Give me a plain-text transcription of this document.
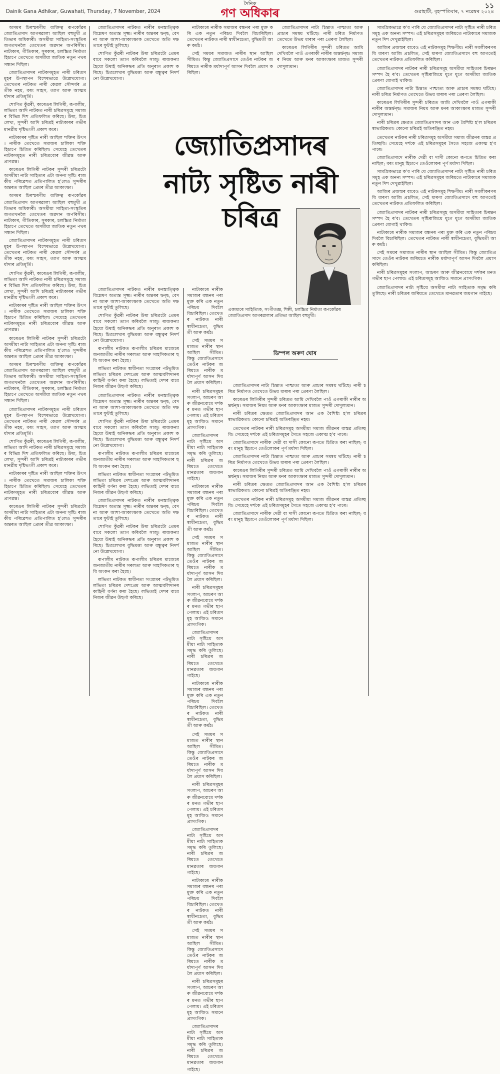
Dainik Gana Adhikar, Guwahati, Thursday, 7 November, 2024
দৈনিক
গণ অধিকাৰ	গুৱাহাটী, বৃহস্পতিবাৰ, ৭ নৱেম্বৰ ২০২৪
১১

অসমৰ চিৰস্মৰণীয় ব্যক্তিত্ব ৰূপকোঁৱৰ জ্যোতিপ্ৰসাদ আগৰৱালা আছিল বহুমুখী প্ৰতিভাৰ অধিকাৰী। অসমীয়া সাহিত্য-সংস্কৃতিৰ জগতখনলৈ তেখেতৰ অৱদান অপৰিসীম। নাট্যকাৰ, গীতিকাৰ, সুৰকাৰ, চলচ্চিত্ৰ নিৰ্মাতা হিচাপে তেখেতে অসমীয়া জাতিক নতুন পথৰ সন্ধান দিছিল।

জ্যোতিপ্ৰসাদৰ নাটকসমূহত নাৰী চৰিত্ৰসমূহৰ উপস্থাপন বিশেষভাৱে উল্লেখযোগ্য। তেখেতৰ নাটকত নাৰী কেৱল সৌন্দৰ্যৰ প্ৰতীক নহয়, বৰং সাহস, ত্যাগ আৰু আত্মমৰ্যাদাৰ প্ৰতিমূৰ্তি।

শোণিত কুঁৱৰী, কাৰেঙৰ লিগিৰী, ৰূপালীম, লভিতা আদি নাটকত নাৰী চৰিত্ৰসমূহে সমাজৰ বিভিন্ন দিশ প্ৰতিফলিত কৰিছে। উষা, চিত্ৰলেখা, সুন্দৰী আদি চৰিত্ৰই নাট্যকাৰৰ গভীৰ মানৱীয় দৃষ্টিভংগী প্ৰকাশ কৰে।

নাট্যকাৰৰ দৃষ্টিত নাৰী আছিল শক্তিৰ উৎস। নাৰীক তেখেতে সমাজৰ চালিকা শক্তি হিচাপে চিত্ৰিত কৰিছিল। সেয়েহে তেখেতৰ নাটকসমূহত নাৰী চৰিত্ৰবোৰ জীৱন্ত আৰু প্ৰাণৱন্ত।

কাৰেঙৰ লিগিৰী নাটকৰ সুন্দৰী চৰিত্ৰটো অসমীয়া নাট্য সাহিত্যৰ এটা অনন্য সৃষ্টি। ৰাজকীয় পৰিৱেশত প্ৰতিপালিত হ'লেও সুন্দৰীৰ অন্তৰত আছিল প্ৰেমৰ তীব্ৰ আকাংক্ষা।

অসমৰ চিৰস্মৰণীয় ব্যক্তিত্ব ৰূপকোঁৱৰ জ্যোতিপ্ৰসাদ আগৰৱালা আছিল বহুমুখী প্ৰতিভাৰ অধিকাৰী। অসমীয়া সাহিত্য-সংস্কৃতিৰ জগতখনলৈ তেখেতৰ অৱদান অপৰিসীম। নাট্যকাৰ, গীতিকাৰ, সুৰকাৰ, চলচ্চিত্ৰ নিৰ্মাতা হিচাপে তেখেতে অসমীয়া জাতিক নতুন পথৰ সন্ধান দিছিল।

জ্যোতিপ্ৰসাদৰ নাটকসমূহত নাৰী চৰিত্ৰসমূহৰ উপস্থাপন বিশেষভাৱে উল্লেখযোগ্য। তেখেতৰ নাটকত নাৰী কেৱল সৌন্দৰ্যৰ প্ৰতীক নহয়, বৰং সাহস, ত্যাগ আৰু আত্মমৰ্যাদাৰ প্ৰতিমূৰ্তি।

শোণিত কুঁৱৰী, কাৰেঙৰ লিগিৰী, ৰূপালীম, লভিতা আদি নাটকত নাৰী চৰিত্ৰসমূহে সমাজৰ বিভিন্ন দিশ প্ৰতিফলিত কৰিছে। উষা, চিত্ৰলেখা, সুন্দৰী আদি চৰিত্ৰই নাট্যকাৰৰ গভীৰ মানৱীয় দৃষ্টিভংগী প্ৰকাশ কৰে।

নাট্যকাৰৰ দৃষ্টিত নাৰী আছিল শক্তিৰ উৎস। নাৰীক তেখেতে সমাজৰ চালিকা শক্তি হিচাপে চিত্ৰিত কৰিছিল। সেয়েহে তেখেতৰ নাটকসমূহত নাৰী চৰিত্ৰবোৰ জীৱন্ত আৰু প্ৰাণৱন্ত।

কাৰেঙৰ লিগিৰী নাটকৰ সুন্দৰী চৰিত্ৰটো অসমীয়া নাট্য সাহিত্যৰ এটা অনন্য সৃষ্টি। ৰাজকীয় পৰিৱেশত প্ৰতিপালিত হ'লেও সুন্দৰীৰ অন্তৰত আছিল প্ৰেমৰ তীব্ৰ আকাংক্ষা।

অসমৰ চিৰস্মৰণীয় ব্যক্তিত্ব ৰূপকোঁৱৰ জ্যোতিপ্ৰসাদ আগৰৱালা আছিল বহুমুখী প্ৰতিভাৰ অধিকাৰী। অসমীয়া সাহিত্য-সংস্কৃতিৰ জগতখনলৈ তেখেতৰ অৱদান অপৰিসীম। নাট্যকাৰ, গীতিকাৰ, সুৰকাৰ, চলচ্চিত্ৰ নিৰ্মাতা হিচাপে তেখেতে অসমীয়া জাতিক নতুন পথৰ সন্ধান দিছিল।

জ্যোতিপ্ৰসাদৰ নাটকসমূহত নাৰী চৰিত্ৰসমূহৰ উপস্থাপন বিশেষভাৱে উল্লেখযোগ্য। তেখেতৰ নাটকত নাৰী কেৱল সৌন্দৰ্যৰ প্ৰতীক নহয়, বৰং সাহস, ত্যাগ আৰু আত্মমৰ্যাদাৰ প্ৰতিমূৰ্তি।

শোণিত কুঁৱৰী, কাৰেঙৰ লিগিৰী, ৰূপালীম, লভিতা আদি নাটকত নাৰী চৰিত্ৰসমূহে সমাজৰ বিভিন্ন দিশ প্ৰতিফলিত কৰিছে। উষা, চিত্ৰলেখা, সুন্দৰী আদি চৰিত্ৰই নাট্যকাৰৰ গভীৰ মানৱীয় দৃষ্টিভংগী প্ৰকাশ কৰে।

নাট্যকাৰৰ দৃষ্টিত নাৰী আছিল শক্তিৰ উৎস। নাৰীক তেখেতে সমাজৰ চালিকা শক্তি হিচাপে চিত্ৰিত কৰিছিল। সেয়েহে তেখেতৰ নাটকসমূহত নাৰী চৰিত্ৰবোৰ জীৱন্ত আৰু প্ৰাণৱন্ত।

কাৰেঙৰ লিগিৰী নাটকৰ সুন্দৰী চৰিত্ৰটো অসমীয়া নাট্য সাহিত্যৰ এটা অনন্য সৃষ্টি। ৰাজকীয় পৰিৱেশত প্ৰতিপালিত হ'লেও সুন্দৰীৰ অন্তৰত আছিল প্ৰেমৰ তীব্ৰ আকাংক্ষা।

জ্যোতিপ্ৰসাদৰ নাটকত নাৰীৰ মনস্তাত্ত্বিক বিশ্লেষণ অত্যন্ত সূক্ষ্ম। নাৰীৰ অন্তৰৰ দ্বন্দ্ব, বেদনা আৰু আশা-আকাংক্ষাক তেখেতে অতি দক্ষতাৰে ফুটাই তুলিছে।

শোণিত কুঁৱৰী নাটকৰ উষা চৰিত্ৰটো প্ৰেমৰ বাবে সকলো ত্যাগ কৰিবলৈ সাজু। ৰাজকন্যা হৈয়ো উষাই অনিৰুদ্ধৰ প্ৰতি অনুৰাগ প্ৰকাশ কৰিছে। চিত্ৰলেখাৰ বুদ্ধিমত্তা আৰু বন্ধুত্বৰ নিদৰ্শনো উল্লেখযোগ্য।

জ্যোতিপ্ৰসাদৰ নাটকত নাৰীৰ মনস্তাত্ত্বিক বিশ্লেষণ অত্যন্ত সূক্ষ্ম। নাৰীৰ অন্তৰৰ দ্বন্দ্ব, বেদনা আৰু আশা-আকাংক্ষাক তেখেতে অতি দক্ষতাৰে ফুটাই তুলিছে।

শোণিত কুঁৱৰী নাটকৰ উষা চৰিত্ৰটো প্ৰেমৰ বাবে সকলো ত্যাগ কৰিবলৈ সাজু। ৰাজকন্যা হৈয়ো উষাই অনিৰুদ্ধৰ প্ৰতি অনুৰাগ প্ৰকাশ কৰিছে। চিত্ৰলেখাৰ বুদ্ধিমত্তা আৰু বন্ধুত্বৰ নিদৰ্শনো উল্লেখযোগ্য।

ৰূপালীম নাটকত ৰূপালীম চৰিত্ৰৰ মাজেৰে জনজাতীয় নাৰীৰ সৰলতা আৰু সাহসিকতাৰ ছবি অংকন কৰা হৈছে।

লভিতা নাটকত স্বাধীনতা সংগ্ৰামৰ পটভূমিত লভিতা চৰিত্ৰৰ দেশপ্ৰেম আৰু আত্মবলিদানৰ কাহিনী বৰ্ণনা কৰা হৈছে। লভিতাই দেশৰ বাবে নিজৰ জীৱন উছৰ্গা কৰিছে।

জ্যোতিপ্ৰসাদৰ নাটকত নাৰীৰ মনস্তাত্ত্বিক বিশ্লেষণ অত্যন্ত সূক্ষ্ম। নাৰীৰ অন্তৰৰ দ্বন্দ্ব, বেদনা আৰু আশা-আকাংক্ষাক তেখেতে অতি দক্ষতাৰে ফুটাই তুলিছে।

শোণিত কুঁৱৰী নাটকৰ উষা চৰিত্ৰটো প্ৰেমৰ বাবে সকলো ত্যাগ কৰিবলৈ সাজু। ৰাজকন্যা হৈয়ো উষাই অনিৰুদ্ধৰ প্ৰতি অনুৰাগ প্ৰকাশ কৰিছে। চিত্ৰলেখাৰ বুদ্ধিমত্তা আৰু বন্ধুত্বৰ নিদৰ্শনো উল্লেখযোগ্য।

ৰূপালীম নাটকত ৰূপালীম চৰিত্ৰৰ মাজেৰে জনজাতীয় নাৰীৰ সৰলতা আৰু সাহসিকতাৰ ছবি অংকন কৰা হৈছে।

লভিতা নাটকত স্বাধীনতা সংগ্ৰামৰ পটভূমিত লভিতা চৰিত্ৰৰ দেশপ্ৰেম আৰু আত্মবলিদানৰ কাহিনী বৰ্ণনা কৰা হৈছে। লভিতাই দেশৰ বাবে নিজৰ জীৱন উছৰ্গা কৰিছে।

জ্যোতিপ্ৰসাদৰ নাটকত নাৰীৰ মনস্তাত্ত্বিক বিশ্লেষণ অত্যন্ত সূক্ষ্ম। নাৰীৰ অন্তৰৰ দ্বন্দ্ব, বেদনা আৰু আশা-আকাংক্ষাক তেখেতে অতি দক্ষতাৰে ফুটাই তুলিছে।

শোণিত কুঁৱৰী নাটকৰ উষা চৰিত্ৰটো প্ৰেমৰ বাবে সকলো ত্যাগ কৰিবলৈ সাজু। ৰাজকন্যা হৈয়ো উষাই অনিৰুদ্ধৰ প্ৰতি অনুৰাগ প্ৰকাশ কৰিছে। চিত্ৰলেখাৰ বুদ্ধিমত্তা আৰু বন্ধুত্বৰ নিদৰ্শনো উল্লেখযোগ্য।

ৰূপালীম নাটকত ৰূপালীম চৰিত্ৰৰ মাজেৰে জনজাতীয় নাৰীৰ সৰলতা আৰু সাহসিকতাৰ ছবি অংকন কৰা হৈছে।

লভিতা নাটকত স্বাধীনতা সংগ্ৰামৰ পটভূমিত লভিতা চৰিত্ৰৰ দেশপ্ৰেম আৰু আত্মবলিদানৰ কাহিনী বৰ্ণনা কৰা হৈছে। লভিতাই দেশৰ বাবে নিজৰ জীৱন উছৰ্গা কৰিছে।

নাট্যকাৰে নাৰীক সমাজৰ বন্ধনৰ পৰা মুক্ত কৰি এক নতুন পৰিচয় দিবলৈ বিচাৰিছিল। তেখেতৰ নাটকত নাৰী স্বাধীনচেতা, বুদ্ধিমতী আৰু কৰ্মঠ।

সেই সময়ৰ সমাজত নাৰীৰ স্থান আছিল সীমিত। কিন্তু জ্যোতিপ্ৰসাদে তেওঁৰ নাটকৰ জৰিয়তে নাৰীক মৰ্যাদাপূৰ্ণ আসন দিবলৈ প্ৰয়াস কৰিছিল।

নাট্যকাৰে নাৰীক সমাজৰ বন্ধনৰ পৰা মুক্ত কৰি এক নতুন পৰিচয় দিবলৈ বিচাৰিছিল। তেখেতৰ নাটকত নাৰী স্বাধীনচেতা, বুদ্ধিমতী আৰু কৰ্মঠ।

সেই সময়ৰ সমাজত নাৰীৰ স্থান আছিল সীমিত। কিন্তু জ্যোতিপ্ৰসাদে তেওঁৰ নাটকৰ জৰিয়তে নাৰীক মৰ্যাদাপূৰ্ণ আসন দিবলৈ প্ৰয়াস কৰিছিল।

নাৰী চৰিত্ৰসমূহৰ সংলাপ, আচৰণ আৰু জীৱনবোধে দৰ্শকৰ মনত গভীৰ ছাপ পেলায়। এই চৰিত্ৰসমূহ আজিও সমানে প্ৰাসংগিক।

জ্যোতিপ্ৰসাদৰ নাট্য সৃষ্টিয়ে অসমীয়া নাট্য সাহিত্যক সমৃদ্ধ কৰি তুলিছে। নাৰী চৰিত্ৰৰ জৰিয়তে তেখেতে মানৱতাৰ জয়গান গাইছে।

নাট্যকাৰে নাৰীক সমাজৰ বন্ধনৰ পৰা মুক্ত কৰি এক নতুন পৰিচয় দিবলৈ বিচাৰিছিল। তেখেতৰ নাটকত নাৰী স্বাধীনচেতা, বুদ্ধিমতী আৰু কৰ্মঠ।

সেই সময়ৰ সমাজত নাৰীৰ স্থান আছিল সীমিত। কিন্তু জ্যোতিপ্ৰসাদে তেওঁৰ নাটকৰ জৰিয়তে নাৰীক মৰ্যাদাপূৰ্ণ আসন দিবলৈ প্ৰয়াস কৰিছিল।

নাৰী চৰিত্ৰসমূহৰ সংলাপ, আচৰণ আৰু জীৱনবোধে দৰ্শকৰ মনত গভীৰ ছাপ পেলায়। এই চৰিত্ৰসমূহ আজিও সমানে প্ৰাসংগিক।

জ্যোতিপ্ৰসাদৰ নাট্য সৃষ্টিয়ে অসমীয়া নাট্য সাহিত্যক সমৃদ্ধ কৰি তুলিছে। নাৰী চৰিত্ৰৰ জৰিয়তে তেখেতে মানৱতাৰ জয়গান গাইছে।

নাট্যকাৰে নাৰীক সমাজৰ বন্ধনৰ পৰা মুক্ত কৰি এক নতুন পৰিচয় দিবলৈ বিচাৰিছিল। তেখেতৰ নাটকত নাৰী স্বাধীনচেতা, বুদ্ধিমতী আৰু কৰ্মঠ।

সেই সময়ৰ সমাজত নাৰীৰ স্থান আছিল সীমিত। কিন্তু জ্যোতিপ্ৰসাদে তেওঁৰ নাটকৰ জৰিয়তে নাৰীক মৰ্যাদাপূৰ্ণ আসন দিবলৈ প্ৰয়াস কৰিছিল।

নাৰী চৰিত্ৰসমূহৰ সংলাপ, আচৰণ আৰু জীৱনবোধে দৰ্শকৰ মনত গভীৰ ছাপ পেলায়। এই চৰিত্ৰসমূহ আজিও সমানে প্ৰাসংগিক।

জ্যোতিপ্ৰসাদৰ নাট্য সৃষ্টিয়ে অসমীয়া নাট্য সাহিত্যক সমৃদ্ধ কৰি তুলিছে। নাৰী চৰিত্ৰৰ জৰিয়তে তেখেতে মানৱতাৰ জয়গান গাইছে।

নাট্যকাৰে নাৰীক সমাজৰ বন্ধনৰ পৰা মুক্ত কৰি এক নতুন পৰিচয় দিবলৈ বিচাৰিছিল। তেখেতৰ নাটকত নাৰী স্বাধীনচেতা, বুদ্ধিমতী আৰু কৰ্মঠ।

সেই সময়ৰ সমাজত নাৰীৰ স্থান আছিল সীমিত। কিন্তু জ্যোতিপ্ৰসাদে তেওঁৰ নাটকৰ জৰিয়তে নাৰীক মৰ্যাদাপূৰ্ণ আসন দিবলৈ প্ৰয়াস কৰিছিল।

নাৰী চৰিত্ৰসমূহৰ সংলাপ, আচৰণ আৰু জীৱনবোধে দৰ্শকৰ মনত গভীৰ ছাপ পেলায়। এই চৰিত্ৰসমূহ আজিও সমানে প্ৰাসংগিক।

জ্যোতিপ্ৰসাদৰ নাট্য সৃষ্টিয়ে অসমীয়া নাট্য সাহিত্যক সমৃদ্ধ কৰি তুলিছে। নাৰী চৰিত্ৰৰ জৰিয়তে তেখেতে মানৱতাৰ জয়গান গাইছে।

জ্যোতিপ্ৰসাদৰ নাট্য চিন্তাত পাশ্চাত্য আৰু প্ৰাচ্যৰ সমন্বয় ঘটিছে। নাৰী চৰিত্ৰ নিৰ্মাণত তেখেতে উভয় ধাৰাৰ পৰা প্ৰেৰণা লৈছিল।

কাৰেঙৰ লিগিৰীৰ সুন্দৰী চৰিত্ৰত আমি দেখিবলৈ পাওঁ এগৰাকী নাৰীৰ অন্তৰ্দ্বন্দ্ব। সমাজৰ নিয়ম আৰু মনৰ আকাংক্ষাৰ মাজত সুন্দৰী দোদুল্যমান।

জ্যোতিপ্ৰসাদৰ নাট্য চিন্তাত পাশ্চাত্য আৰু প্ৰাচ্যৰ সমন্বয় ঘটিছে। নাৰী চৰিত্ৰ নিৰ্মাণত তেখেতে উভয় ধাৰাৰ পৰা প্ৰেৰণা লৈছিল।

কাৰেঙৰ লিগিৰীৰ সুন্দৰী চৰিত্ৰত আমি দেখিবলৈ পাওঁ এগৰাকী নাৰীৰ অন্তৰ্দ্বন্দ্ব। সমাজৰ নিয়ম আৰু মনৰ আকাংক্ষাৰ মাজত সুন্দৰী দোদুল্যমান।

নাৰী চৰিত্ৰৰ ক্ষেত্ৰত জ্যোতিপ্ৰসাদৰ আন এক বৈশিষ্ট্য হ'ল চৰিত্ৰৰ স্বাভাৱিকতা। কোনো চৰিত্ৰই অতিৰঞ্জিত নহয়।

তেখেতৰ নাটকৰ নাৰী চৰিত্ৰসমূহ অসমীয়া সমাজ জীৱনৰ বাস্তৱ প্ৰতিচ্ছবি। সেয়েহে দৰ্শকে এই চৰিত্ৰসমূহৰ সৈতে সহজে একাত্ম হ'ব পাৰে।

জ্যোতিপ্ৰসাদে নাৰীক দেৱী বা দাসী কোনো ৰূপতে চিত্ৰিত কৰা নাছিল; বৰং মানুহ হিচাপে তেওঁলোকৰ পূৰ্ণ মৰ্যাদা দিছিল।

জ্যোতিপ্ৰসাদৰ নাট্য চিন্তাত পাশ্চাত্য আৰু প্ৰাচ্যৰ সমন্বয় ঘটিছে। নাৰী চৰিত্ৰ নিৰ্মাণত তেখেতে উভয় ধাৰাৰ পৰা প্ৰেৰণা লৈছিল।

কাৰেঙৰ লিগিৰীৰ সুন্দৰী চৰিত্ৰত আমি দেখিবলৈ পাওঁ এগৰাকী নাৰীৰ অন্তৰ্দ্বন্দ্ব। সমাজৰ নিয়ম আৰু মনৰ আকাংক্ষাৰ মাজত সুন্দৰী দোদুল্যমান।

নাৰী চৰিত্ৰৰ ক্ষেত্ৰত জ্যোতিপ্ৰসাদৰ আন এক বৈশিষ্ট্য হ'ল চৰিত্ৰৰ স্বাভাৱিকতা। কোনো চৰিত্ৰই অতিৰঞ্জিত নহয়।

তেখেতৰ নাটকৰ নাৰী চৰিত্ৰসমূহ অসমীয়া সমাজ জীৱনৰ বাস্তৱ প্ৰতিচ্ছবি। সেয়েহে দৰ্শকে এই চৰিত্ৰসমূহৰ সৈতে সহজে একাত্ম হ'ব পাৰে।

জ্যোতিপ্ৰসাদে নাৰীক দেৱী বা দাসী কোনো ৰূপতে চিত্ৰিত কৰা নাছিল; বৰং মানুহ হিচাপে তেওঁলোকৰ পূৰ্ণ মৰ্যাদা দিছিল।

সামগ্ৰিকভাৱে ক'ব পাৰি যে জ্যোতিপ্ৰসাদৰ নাট্য সৃষ্টিত নাৰী চৰিত্ৰসমূহ এক অনন্য সম্পদ। এই চৰিত্ৰসমূহৰ জৰিয়তে নাট্যকাৰে সমাজক নতুন দিশ দেখুৱাইছিল।

আজিৰ প্ৰজন্মৰ বাবেও এই নাটকসমূহ শিক্ষণীয়। নাৰী সবলীকৰণৰ যি ধাৰণা আজি প্ৰচলিত, সেই ধাৰণা জ্যোতিপ্ৰসাদে বহু আগতেই তেখেতৰ নাটকত প্ৰতিফলিত কৰিছিল।

জ্যোতিপ্ৰসাদৰ নাটকৰ নাৰী চৰিত্ৰসমূহ অসমীয়া সাহিত্যৰ চিৰন্তন সম্পদ হৈ ৰ'ব। তেখেতৰ সৃষ্টিৰাজিয়ে যুগে যুগে অসমীয়া জাতিক প্ৰেৰণা যোগাই থাকিব।

জ্যোতিপ্ৰসাদৰ নাট্য চিন্তাত পাশ্চাত্য আৰু প্ৰাচ্যৰ সমন্বয় ঘটিছে। নাৰী চৰিত্ৰ নিৰ্মাণত তেখেতে উভয় ধাৰাৰ পৰা প্ৰেৰণা লৈছিল।

কাৰেঙৰ লিগিৰীৰ সুন্দৰী চৰিত্ৰত আমি দেখিবলৈ পাওঁ এগৰাকী নাৰীৰ অন্তৰ্দ্বন্দ্ব। সমাজৰ নিয়ম আৰু মনৰ আকাংক্ষাৰ মাজত সুন্দৰী দোদুল্যমান।

নাৰী চৰিত্ৰৰ ক্ষেত্ৰত জ্যোতিপ্ৰসাদৰ আন এক বৈশিষ্ট্য হ'ল চৰিত্ৰৰ স্বাভাৱিকতা। কোনো চৰিত্ৰই অতিৰঞ্জিত নহয়।

তেখেতৰ নাটকৰ নাৰী চৰিত্ৰসমূহ অসমীয়া সমাজ জীৱনৰ বাস্তৱ প্ৰতিচ্ছবি। সেয়েহে দৰ্শকে এই চৰিত্ৰসমূহৰ সৈতে সহজে একাত্ম হ'ব পাৰে।

জ্যোতিপ্ৰসাদে নাৰীক দেৱী বা দাসী কোনো ৰূপতে চিত্ৰিত কৰা নাছিল; বৰং মানুহ হিচাপে তেওঁলোকৰ পূৰ্ণ মৰ্যাদা দিছিল।

সামগ্ৰিকভাৱে ক'ব পাৰি যে জ্যোতিপ্ৰসাদৰ নাট্য সৃষ্টিত নাৰী চৰিত্ৰসমূহ এক অনন্য সম্পদ। এই চৰিত্ৰসমূহৰ জৰিয়তে নাট্যকাৰে সমাজক নতুন দিশ দেখুৱাইছিল।

আজিৰ প্ৰজন্মৰ বাবেও এই নাটকসমূহ শিক্ষণীয়। নাৰী সবলীকৰণৰ যি ধাৰণা আজি প্ৰচলিত, সেই ধাৰণা জ্যোতিপ্ৰসাদে বহু আগতেই তেখেতৰ নাটকত প্ৰতিফলিত কৰিছিল।

জ্যোতিপ্ৰসাদৰ নাটকৰ নাৰী চৰিত্ৰসমূহ অসমীয়া সাহিত্যৰ চিৰন্তন সম্পদ হৈ ৰ'ব। তেখেতৰ সৃষ্টিৰাজিয়ে যুগে যুগে অসমীয়া জাতিক প্ৰেৰণা যোগাই থাকিব।

নাট্যকাৰে নাৰীক সমাজৰ বন্ধনৰ পৰা মুক্ত কৰি এক নতুন পৰিচয় দিবলৈ বিচাৰিছিল। তেখেতৰ নাটকত নাৰী স্বাধীনচেতা, বুদ্ধিমতী আৰু কৰ্মঠ।

সেই সময়ৰ সমাজত নাৰীৰ স্থান আছিল সীমিত। কিন্তু জ্যোতিপ্ৰসাদে তেওঁৰ নাটকৰ জৰিয়তে নাৰীক মৰ্যাদাপূৰ্ণ আসন দিবলৈ প্ৰয়াস কৰিছিল।

নাৰী চৰিত্ৰসমূহৰ সংলাপ, আচৰণ আৰু জীৱনবোধে দৰ্শকৰ মনত গভীৰ ছাপ পেলায়। এই চৰিত্ৰসমূহ আজিও সমানে প্ৰাসংগিক।

জ্যোতিপ্ৰসাদৰ নাট্য সৃষ্টিয়ে অসমীয়া নাট্য সাহিত্যক সমৃদ্ধ কৰি তুলিছে। নাৰী চৰিত্ৰৰ জৰিয়তে তেখেতে মানৱতাৰ জয়গান গাইছে।

জ্যোতিপ্ৰসাদৰ
নাট্য সৃষ্টিত নাৰী চৰিত্ৰ
একাধাৰে সাহিত্যিক, সংগীতজ্ঞ, শিল্পী, চলচ্চিত্ৰ নিৰ্মাতা ৰূপকোঁৱৰ জ্যোতিপ্ৰসাদ আগৰৱালাৰ প্ৰতিভা আছিল বহুমুখী।
ডিম্পল অৰুণ ঘোষ
